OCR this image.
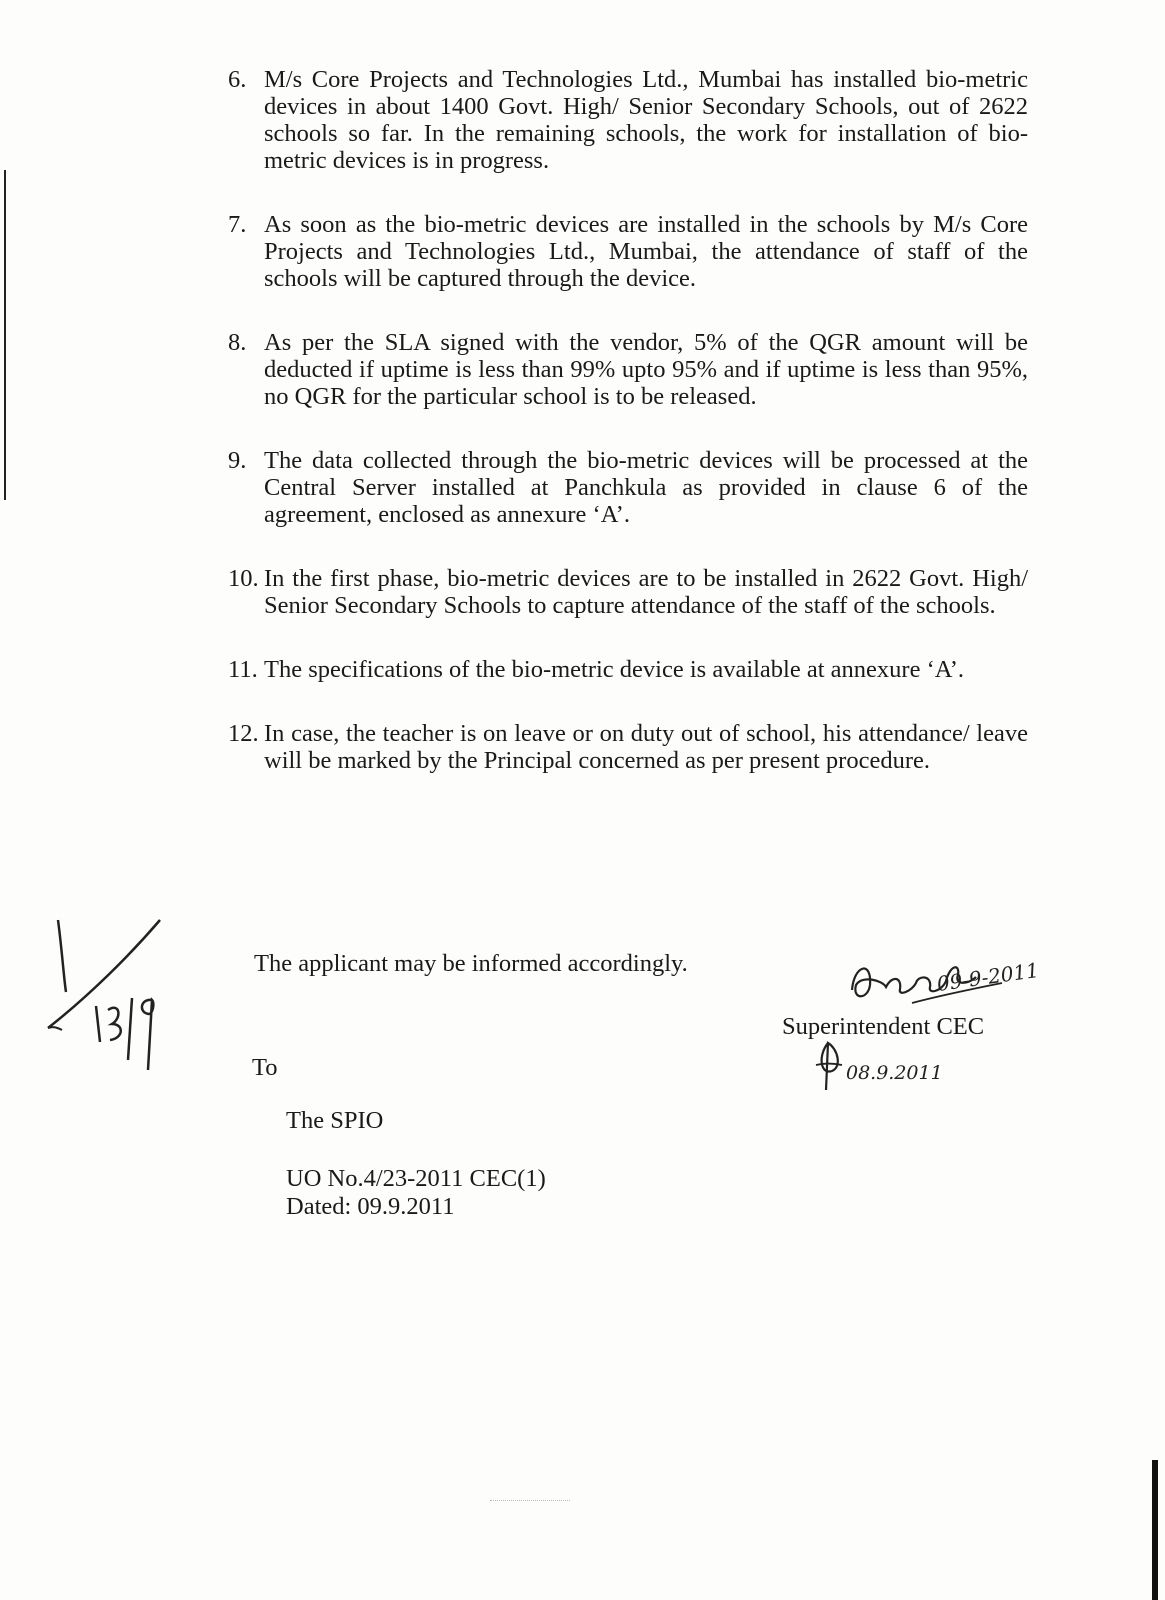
6. M/s Core Projects and Technologies Ltd., Mumbai has installed bio-metric devices in about 1400 Govt. High/ Senior Secondary Schools, out of 2622 schools so far. In the remaining schools, the work for installation of bio-metric devices is in progress.
7. As soon as the bio-metric devices are installed in the schools by M/s Core Projects and Technologies Ltd., Mumbai, the attendance of staff of the schools will be captured through the device.
8. As per the SLA signed with the vendor, 5% of the QGR amount will be deducted if uptime is less than 99% upto 95% and if uptime is less than 95%, no QGR for the particular school is to be released.
9. The data collected through the bio-metric devices will be processed at the Central Server installed at Panchkula as provided in clause 6 of the agreement, enclosed as annexure ‘A’.
10. In the first phase, bio-metric devices are to be installed in 2622 Govt. High/ Senior Secondary Schools to capture attendance of the staff of the schools.
11. The specifications of the bio-metric device is available at annexure ‘A’.
12. In case, the teacher is on leave or on duty out of school, his attendance/ leave will be marked by the Principal concerned as per present procedure.
The applicant may be informed accordingly.	09-9-2011
Superintendent CEC
08.9.2011
To
The SPIO
UO No.4/23-2011 CEC(1)
Dated: 09.9.2011
